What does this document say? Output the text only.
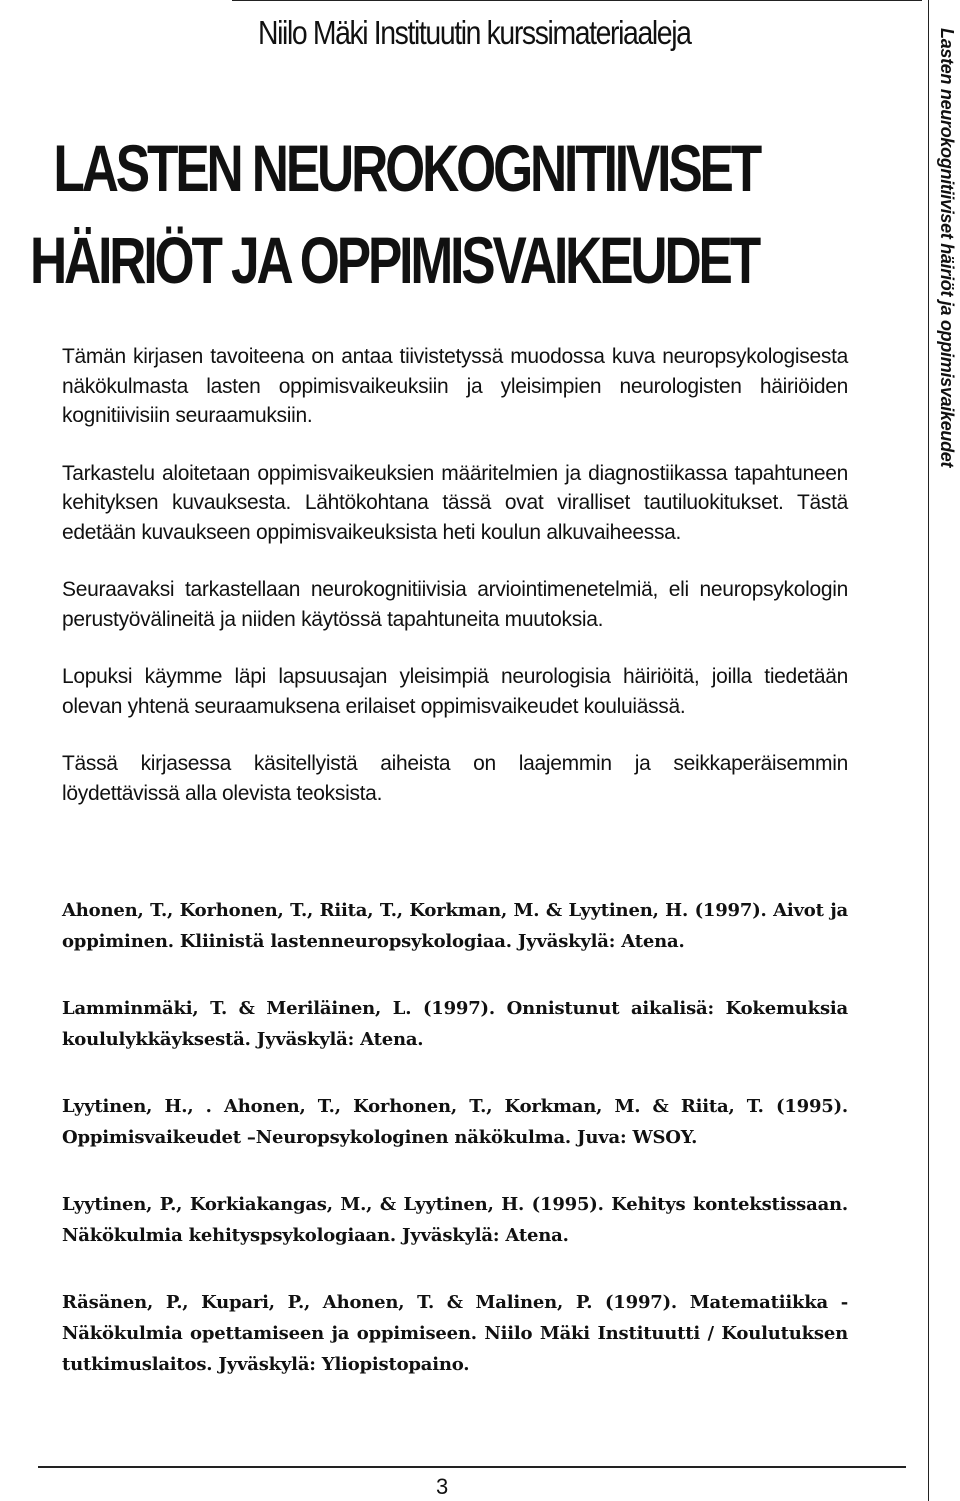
Niilo Mäki Instituutin kurssimateriaaleja
LASTEN NEUROKOGNITIIVISET
HÄIRIÖT JA OPPIMISVAIKEUDET

Tämän kirjasen tavoiteena on antaa tiivistetyssä muodossa kuva neuropsykologisesta näkökulmasta lasten oppimisvaikeuksiin ja yleisimpien neurologisten häiriöiden kognitiivisiin seuraamuksiin.

Tarkastelu aloitetaan oppimisvaikeuksien määritelmien ja diagnostiikassa tapahtuneen kehityksen kuvauksesta. Lähtökohtana tässä ovat viralliset tautiluokitukset. Tästä edetään kuvaukseen oppimisvaikeuksista heti koulun alkuvaiheessa.

Seuraavaksi tarkastellaan neurokognitiivisia arviointimenetelmiä, eli neuropsykologin perustyövälineitä ja niiden käytössä tapahtuneita muutoksia.

Lopuksi käymme läpi lapsuusajan yleisimpiä neurologisia häiriöitä, joilla tiedetään olevan yhtenä seuraamuksena erilaiset oppimisvaikeudet kouluiässä.

Tässä kirjasessa käsitellyistä aiheista on laajemmin ja seikkaperäisemmin löydettävissä alla olevista teoksista.

Ahonen, T., Korhonen, T., Riita, T., Korkman, M. & Lyytinen, H. (1997). Aivot ja oppiminen. Kliinistä lastenneuropsykologiaa. Jyväskylä: Atena.

Lamminmäki, T. & Meriläinen, L. (1997). Onnistunut aikalisä: Kokemuksia koululykkäyksestä. Jyväskylä: Atena.

Lyytinen, H., . Ahonen, T., Korhonen, T., Korkman, M. & Riita, T. (1995). Oppimisvaikeudet –Neuropsykologinen näkökulma. Juva: WSOY.

Lyytinen, P., Korkiakangas, M., & Lyytinen, H. (1995). Kehitys kontekstissaan. Näkökulmia kehityspsykologiaan. Jyväskylä: Atena.

Räsänen, P., Kupari, P., Ahonen, T. & Malinen, P. (1997). Matematiikka - Näkökulmia opettamiseen ja oppimiseen. Niilo Mäki Instituutti / Koulutuksen tutkimuslaitos. Jyväskylä: Yliopistopaino.

Lasten neurokognitiiviset häiriöt ja oppimisvaikeudet
3
